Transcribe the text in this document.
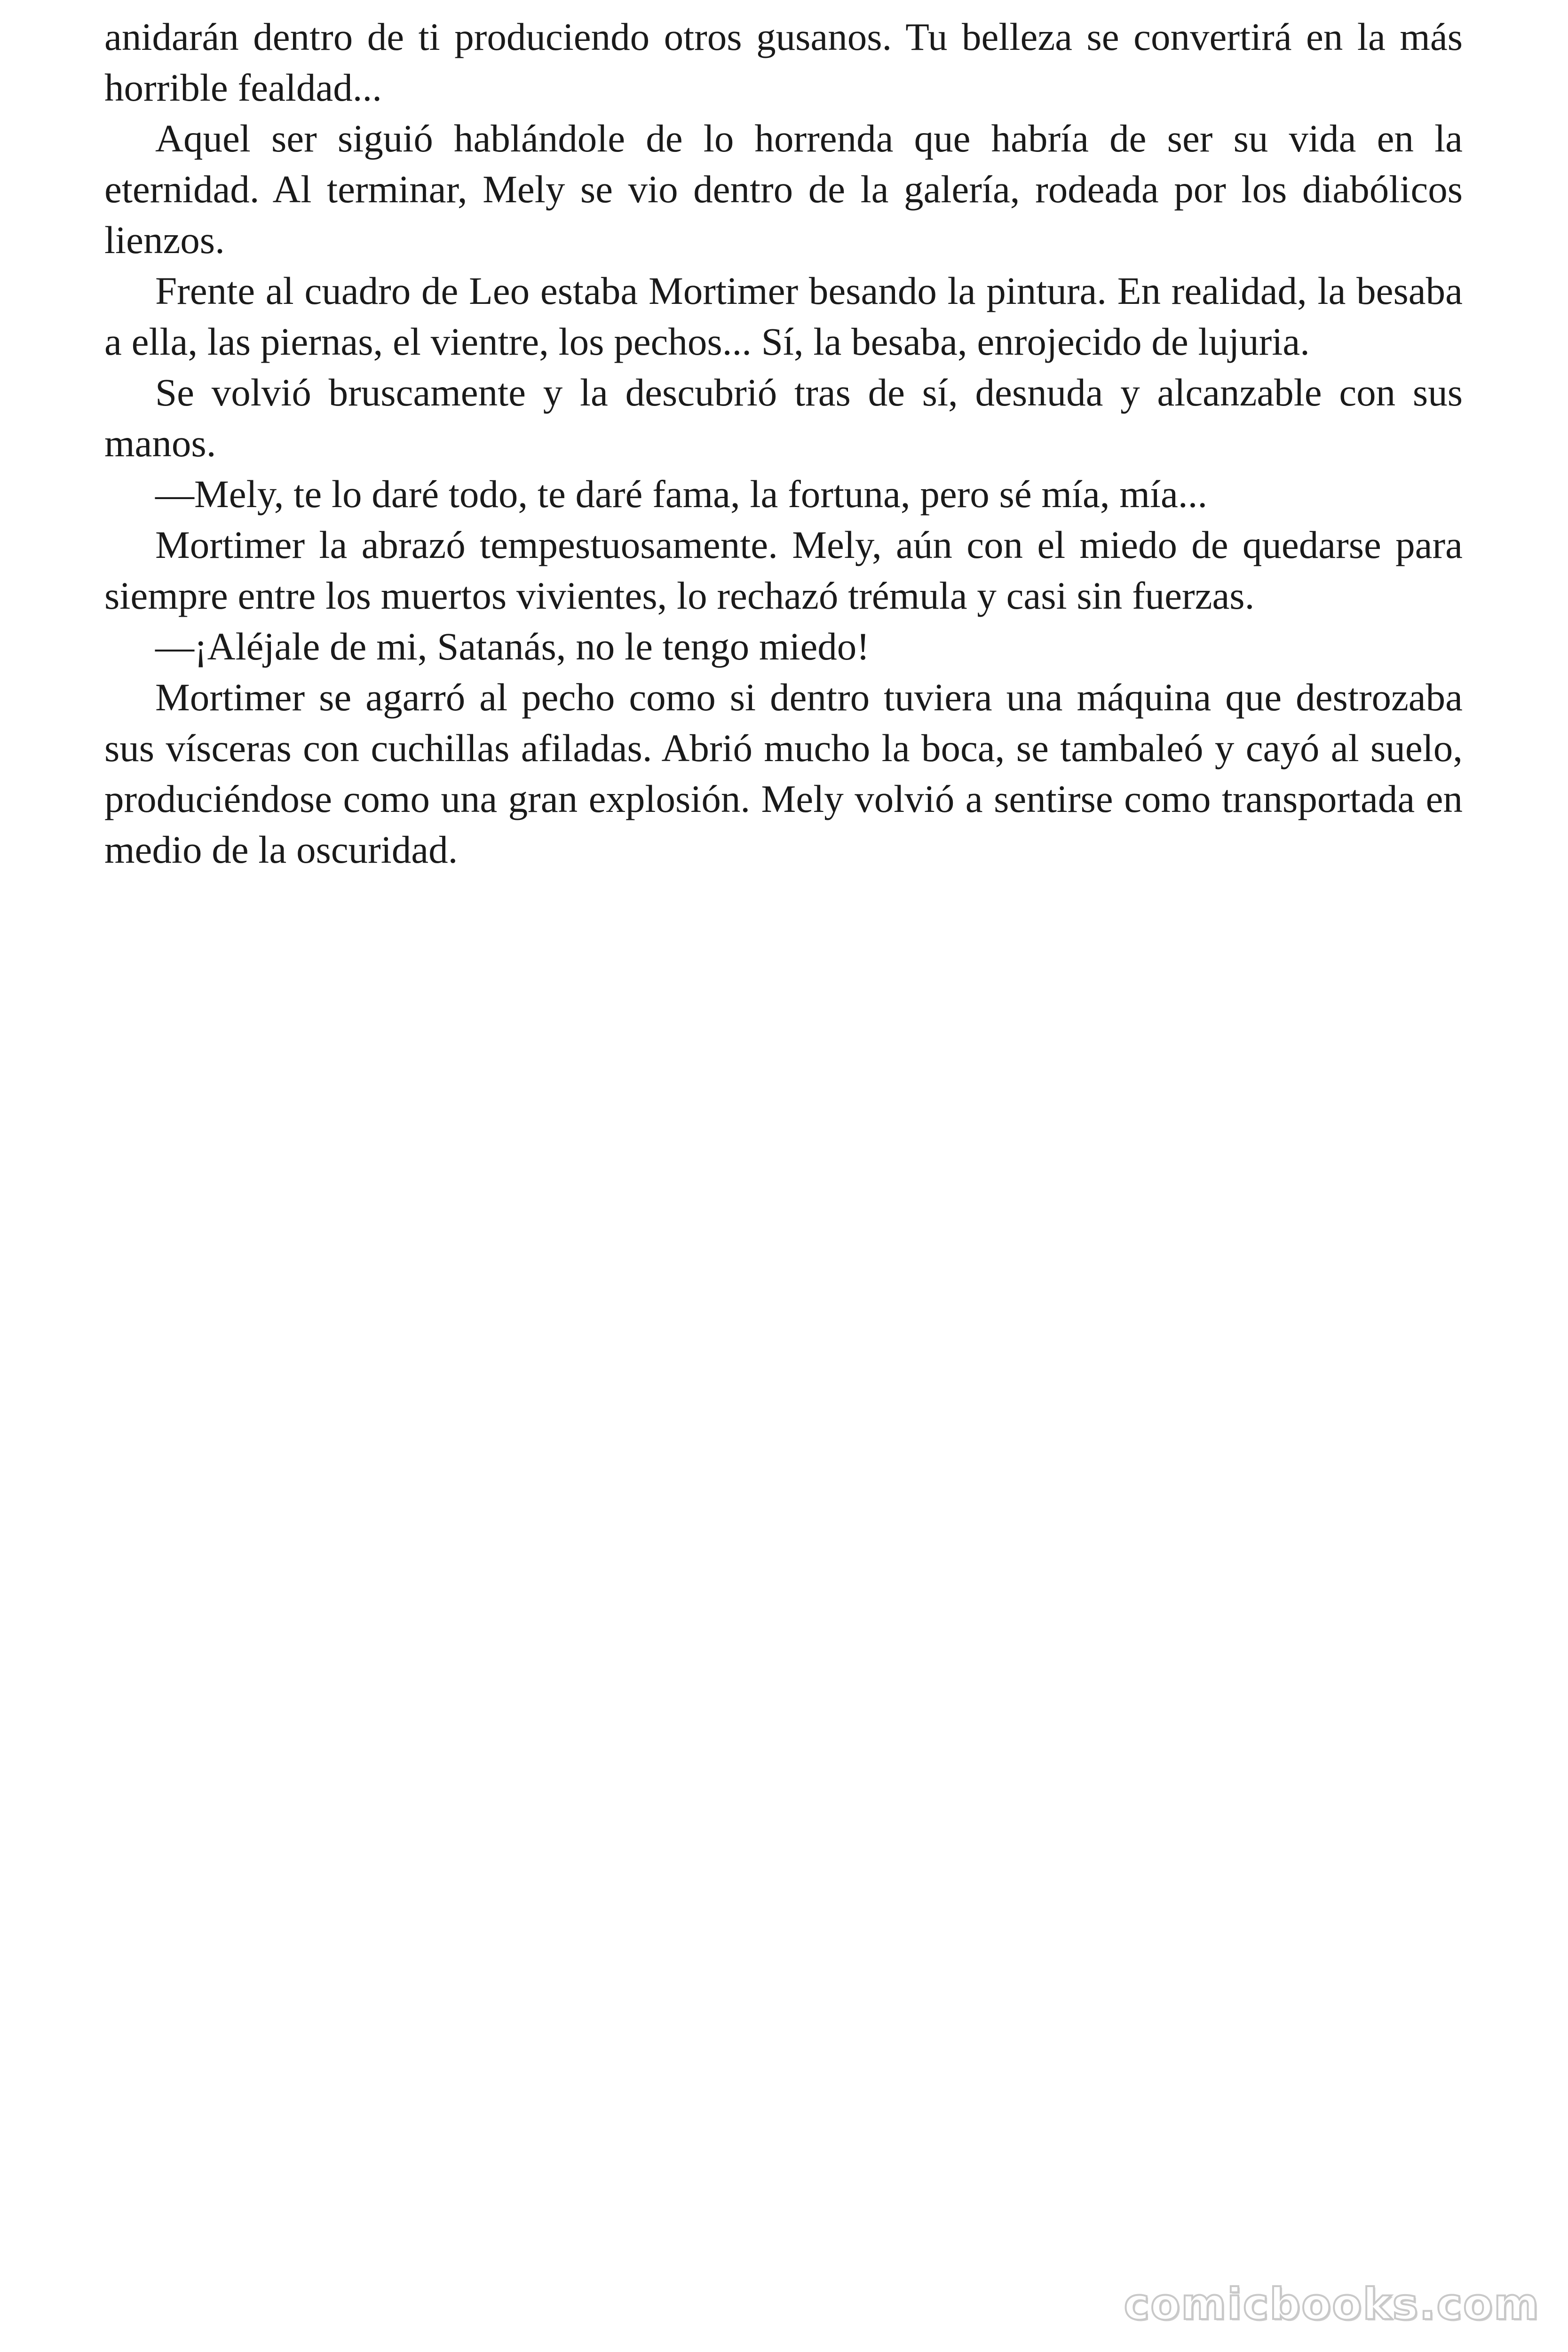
anidarán dentro de ti produciendo otros gusanos. Tu belleza se convertirá en la más horrible fealdad...

Aquel ser siguió hablándole de lo horrenda que habría de ser su vida en la eternidad. Al terminar, Mely se vio dentro de la galería, rodeada por los diabólicos lienzos.

Frente al cuadro de Leo estaba Mortimer besando la pintura. En realidad, la besaba a ella, las piernas, el vientre, los pechos... Sí, la besaba, enrojecido de lujuria.

Se volvió bruscamente y la descubrió tras de sí, desnuda y alcanzable con sus manos.

—Mely, te lo daré todo, te daré fama, la fortuna, pero sé mía, mía...

Mortimer la abrazó tempestuosamente. Mely, aún con el miedo de quedarse para siempre entre los muertos vivientes, lo rechazó trémula y casi sin fuerzas.

—¡Aléjale de mi, Satanás, no le tengo miedo!

Mortimer se agarró al pecho como si dentro tuviera una máquina que destrozaba sus vísceras con cuchillas afiladas. Abrió mucho la boca, se tambaleó y cayó al suelo, produciéndose como una gran explosión. Mely volvió a sentirse como transportada en medio de la oscuridad.

comicbooks.com
